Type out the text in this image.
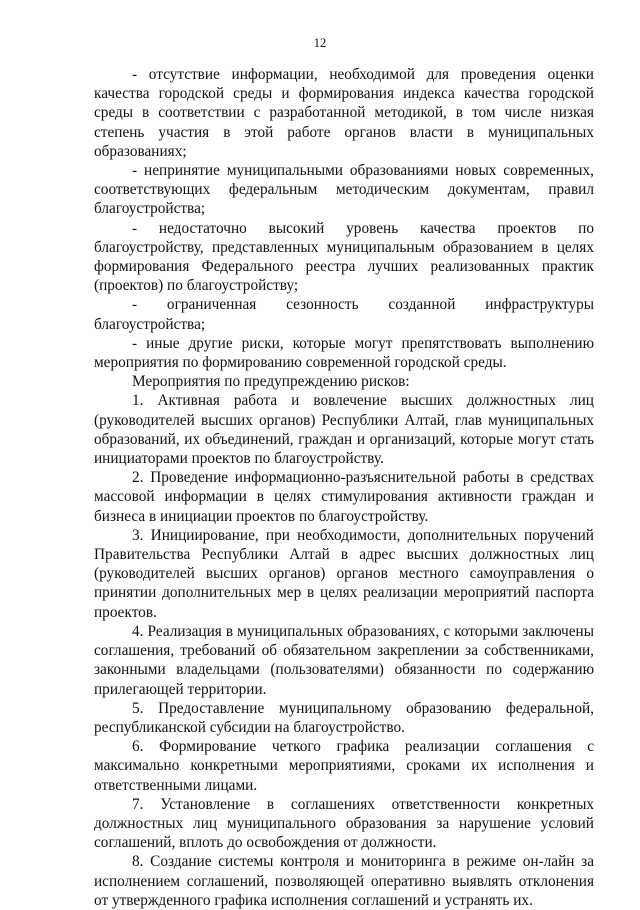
12

- отсутствие информации, необходимой для проведения оценки качества городской среды и формирования индекса качества городской среды в соответствии с разработанной методикой, в том числе низкая степень участия в этой работе органов власти в муниципальных образованиях;

- непринятие муниципальными образованиями новых современных, соответствующих федеральным методическим документам, правил благоустройства;

- недостаточно высокий уровень качества проектов по благоустройству, представленных муниципальным образованием в целях формирования Федерального реестра лучших реализованных практик (проектов) по благоустройству;

- ограниченная сезонность созданной инфраструктуры благоустройства;

- иные другие риски, которые могут препятствовать выполнению мероприятия по формированию современной городской среды.

Мероприятия по предупреждению рисков:

1. Активная работа и вовлечение высших должностных лиц (руководителей высших органов) Республики Алтай, глав муниципальных образований, их объединений, граждан и организаций, которые могут стать инициаторами проектов по благоустройству.

2. Проведение информационно-разъяснительной работы в средствах массовой информации в целях стимулирования активности граждан и бизнеса в инициации проектов по благоустройству.

3. Инициирование, при необходимости, дополнительных поручений Правительства Республики Алтай в адрес высших должностных лиц (руководителей высших органов) органов местного самоуправления о принятии дополнительных мер в целях реализации мероприятий паспорта проектов.

4. Реализация в муниципальных образованиях, с которыми заключены соглашения, требований об обязательном закреплении за собственниками, законными владельцами (пользователями) обязанности по содержанию прилегающей территории.

5. Предоставление муниципальному образованию федеральной, республиканской субсидии на благоустройство.

6. Формирование четкого графика реализации соглашения с максимально конкретными мероприятиями, сроками их исполнения и ответственными лицами.

7. Установление в соглашениях ответственности конкретных должностных лиц муниципального образования за нарушение условий соглашений, вплоть до освобождения от должности.

8. Создание системы контроля и мониторинга в режиме он-лайн за исполнением соглашений, позволяющей оперативно выявлять отклонения от утвержденного графика исполнения соглашений и устранять их.
